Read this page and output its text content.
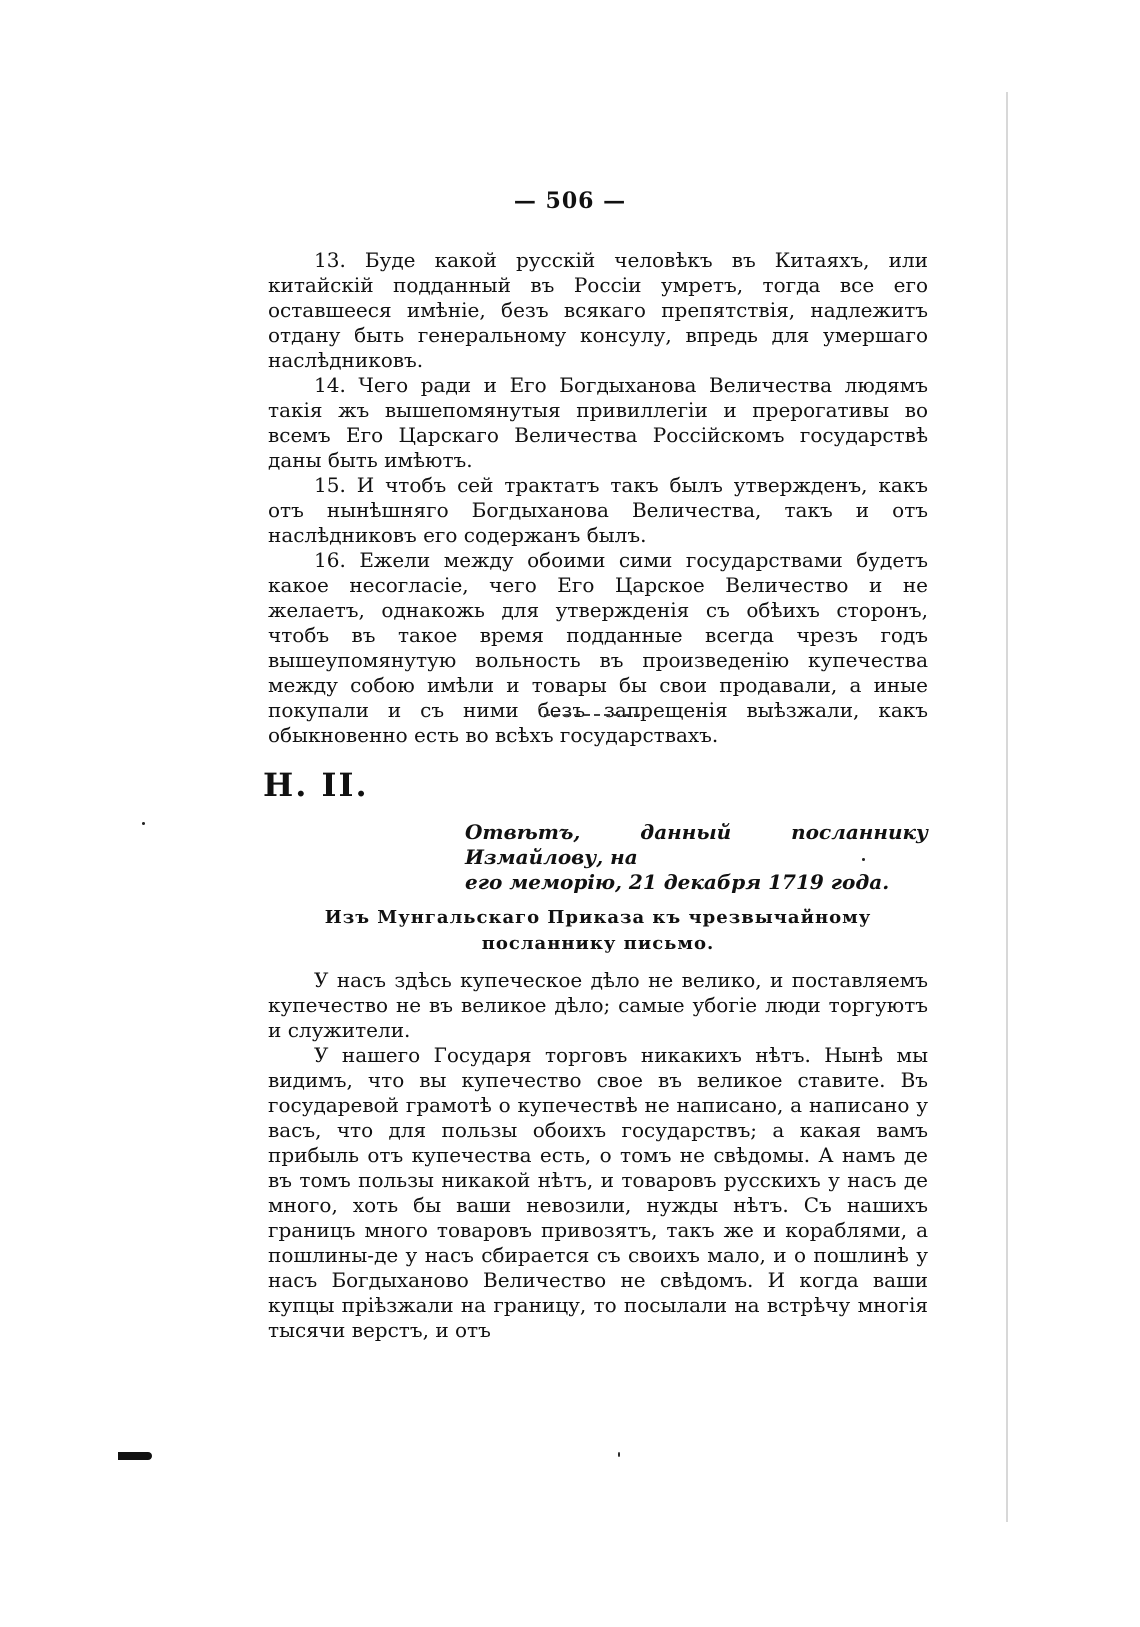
— 506 —

13. Буде какой русскій человѣкъ въ Китаяхъ, или китайскій подданный въ Россіи умретъ, тогда все его оставшееся имѣніе, безъ всякаго препятствія, надлежитъ отдану быть генеральному консулу, впредь для умершаго наслѣдниковъ.

14. Чего ради и Его Богдыханова Величества людямъ такія жъ вышепомянутыя привиллегіи и прерогативы во всемъ Его Царскаго Величества Россійскомъ государствѣ даны быть имѣютъ.

15. И чтобъ сей трактатъ такъ былъ утвержденъ, какъ отъ нынѣшняго Богдыханова Величества, такъ и отъ наслѣдниковъ его содержанъ былъ.

16. Ежели между обоими сими государствами будетъ какое несогласіе, чего Его Царское Величество и не желаетъ, однакожь для утвержденія съ обѣихъ сторонъ, чтобъ въ такое время подданные всегда чрезъ годъ вышеупомянутую вольность въ произведенію купечества между собою имѣли и товары бы свои продавали, а иные покупали и съ ними безъ запрещенія выѣзжали, какъ обыкновенно есть во всѣхъ государствахъ.

Н. II.
Отвѣтъ, данный посланнику Измайлову, на
его меморію, 21 декабря 1719 года.
Изъ Мунгальскаго Приказа къ чрезвычайному посланнику письмо.

У насъ здѣсь купеческое дѣло не велико, и поставляемъ купечество не въ великое дѣло; самые убогіе люди торгуютъ и служители.

У нашего Государя торговъ никакихъ нѣтъ. Нынѣ мы видимъ, что вы купечество свое въ великое ставите. Въ государевой грамотѣ о купечествѣ не написано, а написано у васъ, что для пользы обоихъ государствъ; а какая вамъ прибыль отъ купечества есть, о томъ не свѣдомы. А намъ де въ томъ пользы никакой нѣтъ, и товаровъ русскихъ у насъ де много, хоть бы ваши невозили, нужды нѣтъ. Съ нашихъ границъ много товаровъ привозятъ, такъ же и кораблями, а пошлины-де у насъ сбирается съ своихъ мало, и о пошлинѣ у насъ Богдыханово Величество не свѣдомъ. И когда ваши купцы пріѣзжали на границу, то посылали на встрѣчу многія тысячи верстъ, и отъ
